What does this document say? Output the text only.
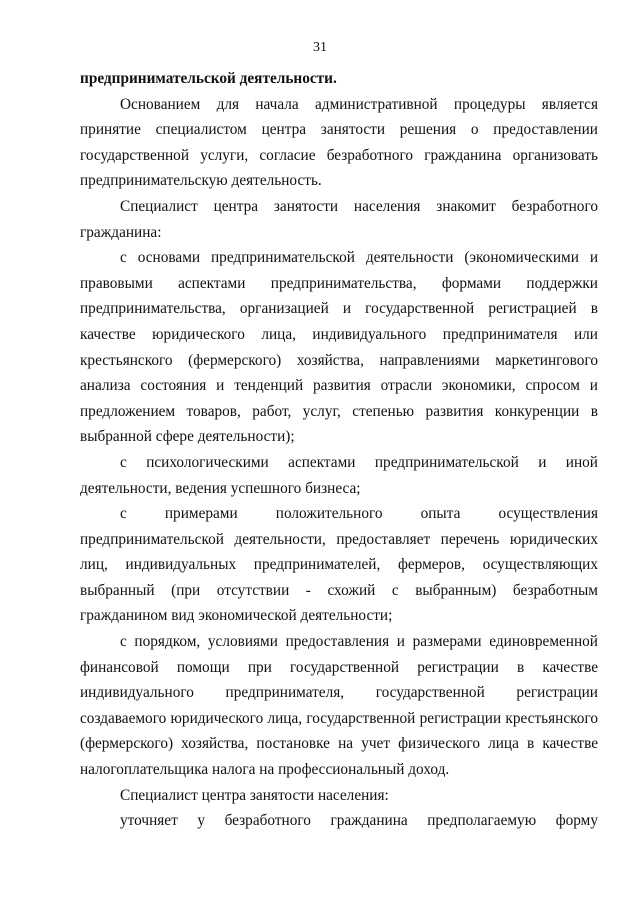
31

предпринимательской деятельности.

Основанием для начала административной процедуры является принятие специалистом центра занятости решения о предоставлении государственной услуги, согласие безработного гражданина организовать предпринимательскую деятельность.

Специалист центра занятости населения знакомит безработного гражданина:

с основами предпринимательской деятельности (экономическими и правовыми аспектами предпринимательства, формами поддержки предпринимательства, организацией и государственной регистрацией в качестве юридического лица, индивидуального предпринимателя или крестьянского (фермерского) хозяйства, направлениями маркетингового анализа состояния и тенденций развития отрасли экономики, спросом и предложением товаров, работ, услуг, степенью развития конкуренции в выбранной сфере деятельности);

с психологическими аспектами предпринимательской и иной деятельности, ведения успешного бизнеса;

с примерами положительного опыта осуществления предпринимательской деятельности, предоставляет перечень юридических лиц, индивидуальных предпринимателей, фермеров, осуществляющих выбранный (при отсутствии - схожий с выбранным) безработным гражданином вид экономической деятельности;

с порядком, условиями предоставления и размерами единовременной финансовой помощи при государственной регистрации в качестве индивидуального предпринимателя, государственной регистрации создаваемого юридического лица, государственной регистрации крестьянского (фермерского) хозяйства, постановке на учет физического лица в качестве налогоплательщика налога на профессиональный доход.

Специалист центра занятости населения:

уточняет у безработного гражданина предполагаемую форму
